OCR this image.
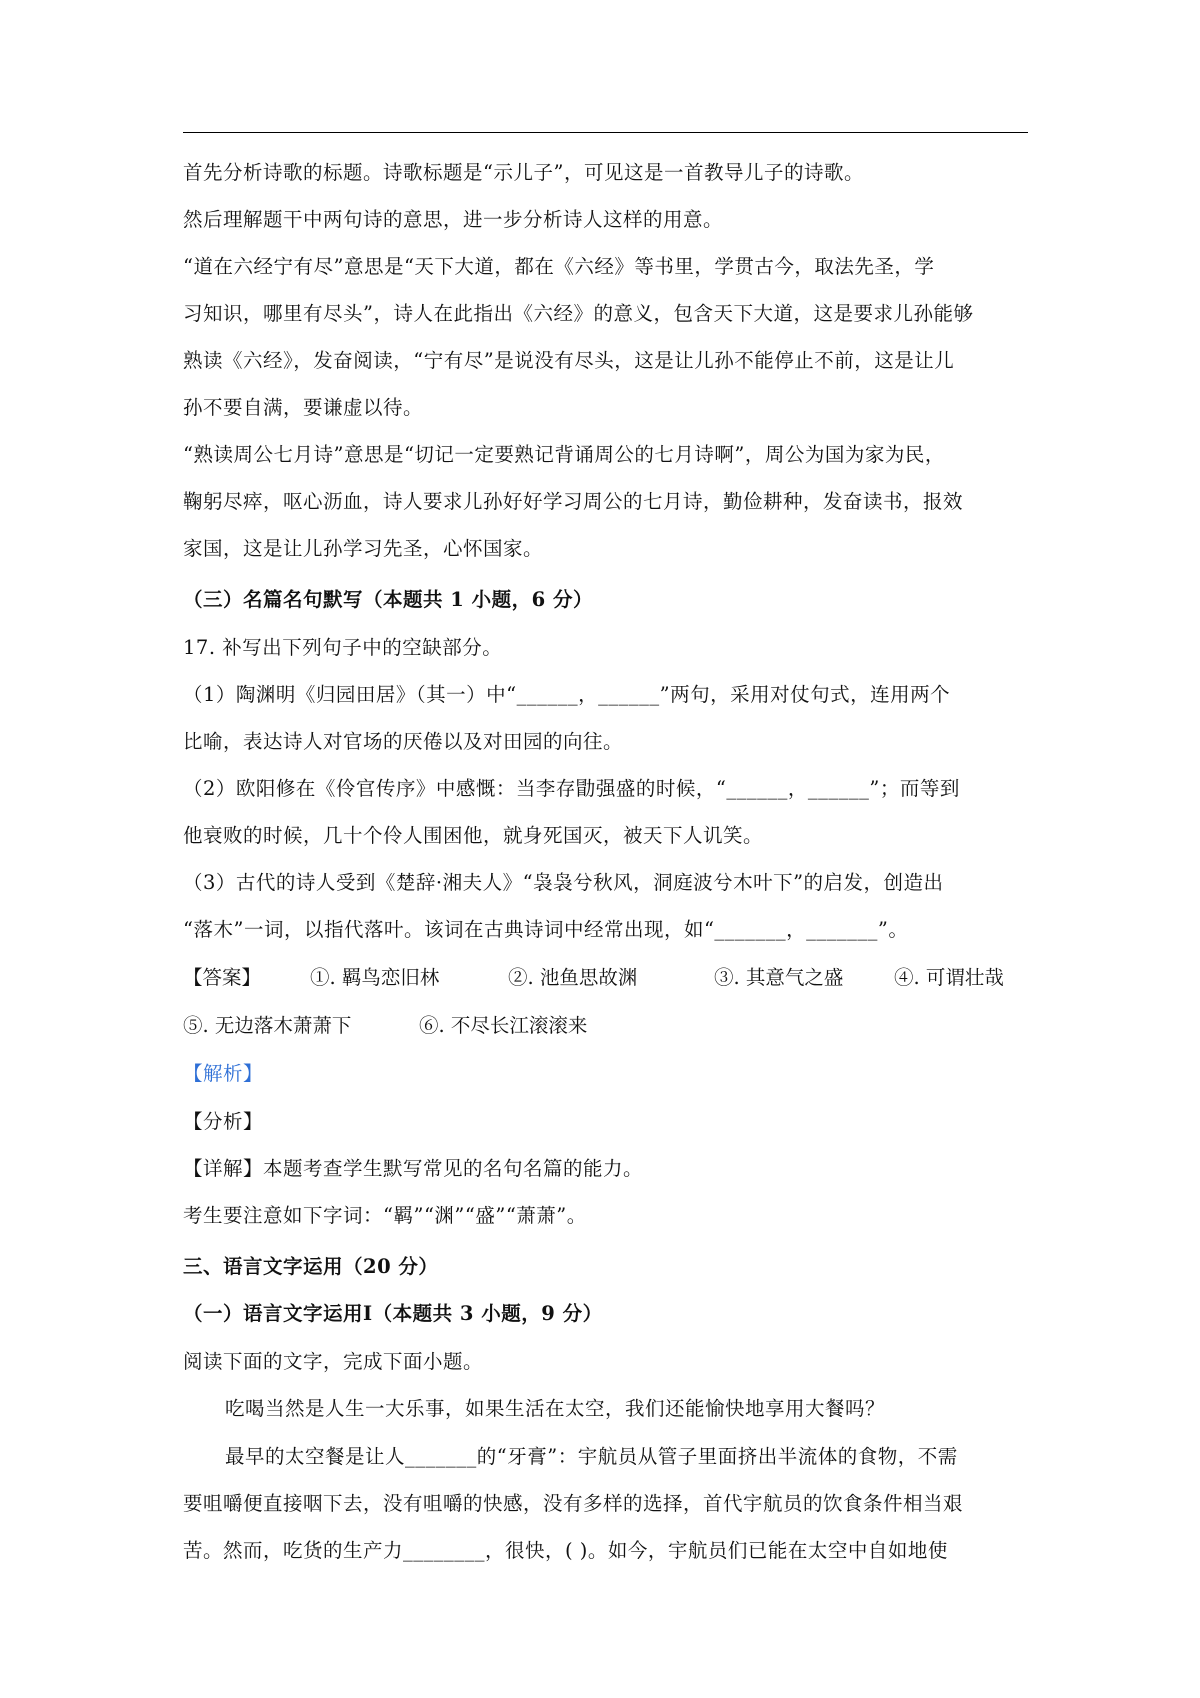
首先分析诗歌的标题。诗歌标题是“示儿子”，可见这是一首教导儿子的诗歌。
然后理解题干中两句诗的意思，进一步分析诗人这样的用意。
“道在六经宁有尽”意思是“天下大道，都在《六经》等书里，学贯古今，取法先圣，学
习知识，哪里有尽头”，诗人在此指出《六经》的意义，包含天下大道，这是要求儿孙能够
熟读《六经》，发奋阅读，“宁有尽”是说没有尽头，这是让儿孙不能停止不前，这是让儿
孙不要自满，要谦虚以待。
“熟读周公七月诗”意思是“切记一定要熟记背诵周公的七月诗啊”，周公为国为家为民，
鞠躬尽瘁，呕心沥血，诗人要求儿孙好好学习周公的七月诗，勤俭耕种，发奋读书，报效
家国，这是让儿孙学习先圣，心怀国家。
（三）名篇名句默写（本题共 1 小题，6 分）
17. 补写出下列句子中的空缺部分。
（1）陶渊明《归园田居》（其一）中“______，______”两句，采用对仗句式，连用两个
比喻，表达诗人对官场的厌倦以及对田园的向往。
（2）欧阳修在《伶官传序》中感慨：当李存勖强盛的时候，“______，______”；而等到
他衰败的时候，几十个伶人围困他，就身死国灭，被天下人讥笑。
（3）古代的诗人受到《楚辞·湘夫人》“袅袅兮秋风，洞庭波兮木叶下”的启发，创造出
“落木”一词，以指代落叶。该词在古典诗词中经常出现，如“_______，_______”。
【答案】	①. 羁鸟恋旧林	②. 池鱼思故渊	③. 其意气之盛	④. 可谓壮哉
⑤. 无边落木萧萧下	⑥. 不尽长江滚滚来
【解析】
【分析】
【详解】本题考查学生默写常见的名句名篇的能力。
考生要注意如下字词：“羁”“渊”“盛”“萧萧”。
三、语言文字运用（20 分）
（一）语言文字运用Ⅰ（本题共 3 小题，9 分）
阅读下面的文字，完成下面小题。
吃喝当然是人生一大乐事，如果生活在太空，我们还能愉快地享用大餐吗？
最早的太空餐是让人_______的“牙膏”：宇航员从管子里面挤出半流体的食物，不需
要咀嚼便直接咽下去，没有咀嚼的快感，没有多样的选择，首代宇航员的饮食条件相当艰
苦。然而，吃货的生产力________，很快，( )。如今，宇航员们已能在太空中自如地使
